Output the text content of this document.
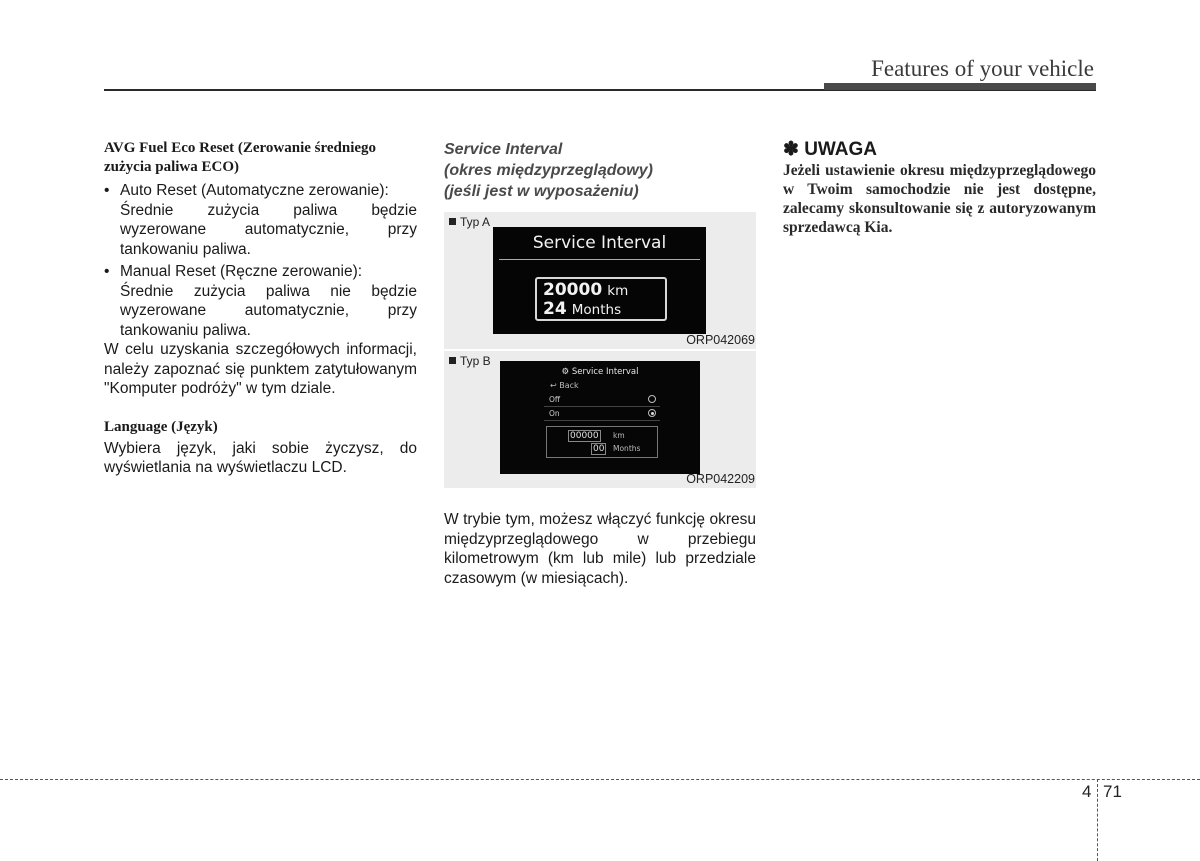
Features of your vehicle
AVG Fuel Eco Reset (Zerowanie średniego zużycia paliwa ECO)
• Auto Reset (Automatyczne zerowanie):
Średnie zużycia paliwa będzie wyzerowane automatycznie, przy tankowaniu paliwa.
• Manual Reset (Ręczne zerowanie):
Średnie zużycia paliwa nie będzie wyzerowane automatycznie, przy tankowaniu paliwa.
W celu uzyskania szczegółowych informacji, należy zapoznać się punktem zatytułowanym "Komputer podróży" w tym dziale.
Language (Język)
Wybiera język, jaki sobie życzysz, do wyświetlania na wyświetlaczu LCD.
Service Interval
(okres międzyprzeglądowy)
(jeśli jest w wyposażeniu)
Typ A
Service Interval
20000 km
24 Months
ORP042069
Typ B
⚙ Service Interval
↩ Back
Off
On
00000 km
00 Months
ORP042209
W trybie tym, możesz włączyć funkcję okresu międzyprzeglądowego w przebiegu kilometrowym (km lub mile) lub przedziale czasowym (w miesiącach).
✽ UWAGA
Jeżeli ustawienie okresu międzyprzeglądowego w Twoim samochodzie nie jest dostępne, zalecamy skonsultowanie się z autoryzowanym sprzedawcą Kia.
4 71
